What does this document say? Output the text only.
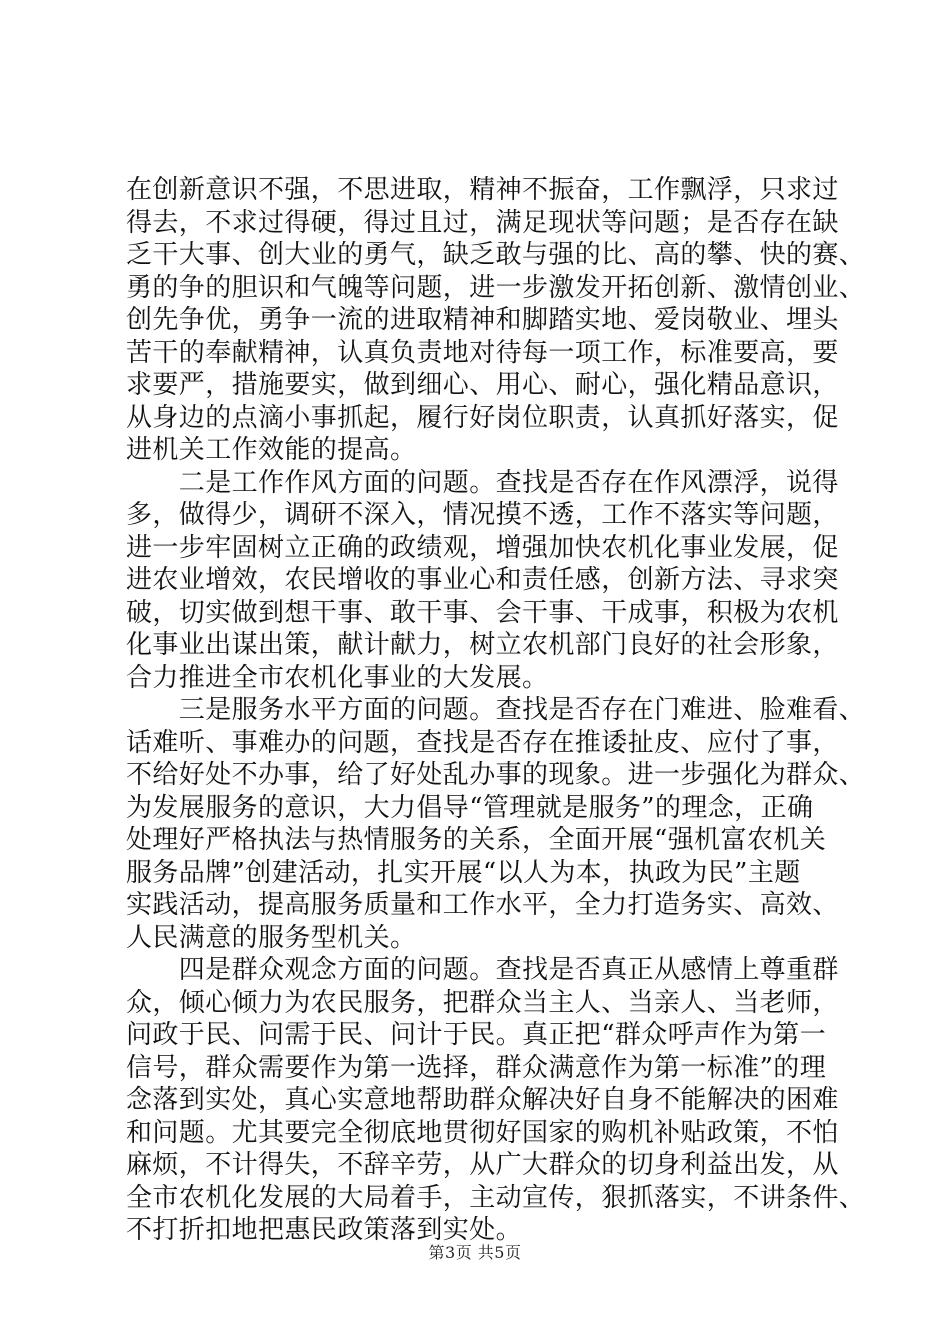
在创新意识不强，不思进取，精神不振奋，工作飘浮，只求过
得去，不求过得硬，得过且过，满足现状等问题；是否存在缺
乏干大事、创大业的勇气，缺乏敢与强的比、高的攀、快的赛、
勇的争的胆识和气魄等问题，进一步激发开拓创新、激情创业、
创先争优，勇争一流的进取精神和脚踏实地、爱岗敬业、埋头
苦干的奉献精神，认真负责地对待每一项工作，标准要高，要
求要严，措施要实，做到细心、用心、耐心，强化精品意识，
从身边的点滴小事抓起，履行好岗位职责，认真抓好落实，促
进机关工作效能的提高。
　　二是工作作风方面的问题。查找是否存在作风漂浮，说得
多，做得少，调研不深入，情况摸不透，工作不落实等问题，
进一步牢固树立正确的政绩观，增强加快农机化事业发展，促
进农业增效，农民增收的事业心和责任感，创新方法、寻求突
破，切实做到想干事、敢干事、会干事、干成事，积极为农机
化事业出谋出策，献计献力，树立农机部门良好的社会形象，
合力推进全市农机化事业的大发展。
　　三是服务水平方面的问题。查找是否存在门难进、脸难看、
话难听、事难办的问题，查找是否存在推诿扯皮、应付了事，
不给好处不办事，给了好处乱办事的现象。进一步强化为群众、
为发展服务的意识，大力倡导“管理就是服务”的理念，正确
处理好严格执法与热情服务的关系，全面开展“强机富农机关
服务品牌”创建活动，扎实开展“以人为本，执政为民”主题
实践活动，提高服务质量和工作水平，全力打造务实、高效、
人民满意的服务型机关。
　　四是群众观念方面的问题。查找是否真正从感情上尊重群
众，倾心倾力为农民服务，把群众当主人、当亲人、当老师，
问政于民、问需于民、问计于民。真正把“群众呼声作为第一
信号，群众需要作为第一选择，群众满意作为第一标准”的理
念落到实处，真心实意地帮助群众解决好自身不能解决的困难
和问题。尤其要完全彻底地贯彻好国家的购机补贴政策，不怕
麻烦，不计得失，不辞辛劳，从广大群众的切身利益出发，从
全市农机化发展的大局着手，主动宣传，狠抓落实，不讲条件、
不打折扣地把惠民政策落到实处。
第3页 共5页
